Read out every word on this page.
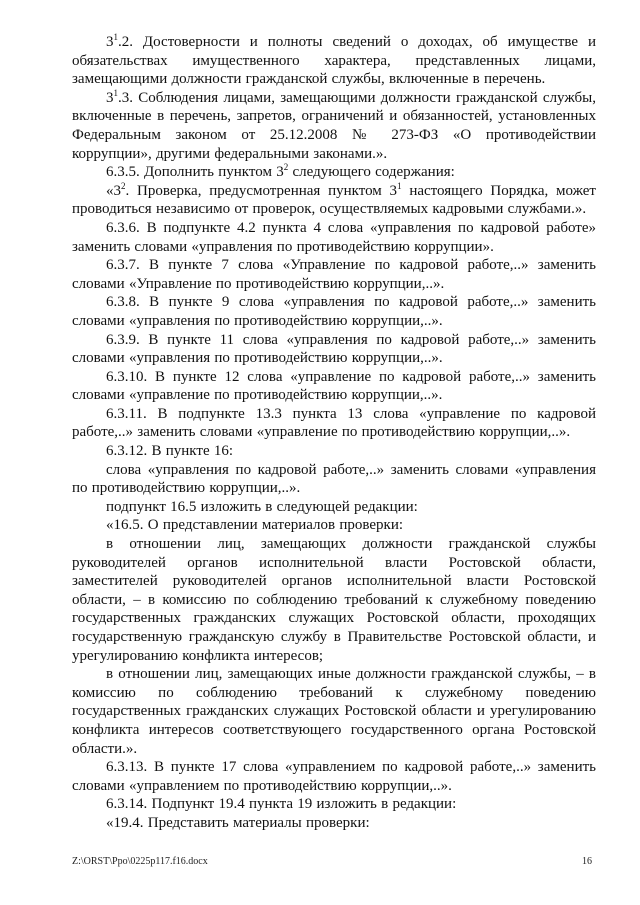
$3^1.2$. Достоверности и полноты сведений о доходах, об имуществе и обязательствах имущественного характера, представленных лицами, замещающими должности гражданской службы, включенные в перечень.

$3^1.3$. Соблюдения лицами, замещающими должности гражданской службы, включенные в перечень, запретов, ограничений и обязанностей, установленных Федеральным законом от 25.12.2008 № 273-ФЗ «О противодействии коррупции», другими федеральными законами.».

6.3.5. Дополнить пунктом $3^2$ следующего содержания:

«$3^2$. Проверка, предусмотренная пунктом $3^1$ настоящего Порядка, может проводиться независимо от проверок, осуществляемых кадровыми службами.».

6.3.6. В подпункте 4.2 пункта 4 слова «управления по кадровой работе» заменить словами «управления по противодействию коррупции».

6.3.7. В пункте 7 слова «Управление по кадровой работе,..» заменить словами «Управление по противодействию коррупции,..».

6.3.8. В пункте 9 слова «управления по кадровой работе,..» заменить словами «управления по противодействию коррупции,..».

6.3.9. В пункте 11 слова «управления по кадровой работе,..» заменить словами «управления по противодействию коррупции,..».

6.3.10. В пункте 12 слова «управление по кадровой работе,..» заменить словами «управление по противодействию коррупции,..».

6.3.11. В подпункте 13.3 пункта 13 слова «управление по кадровой работе,..» заменить словами «управление по противодействию коррупции,..».

6.3.12. В пункте 16:

слова «управления по кадровой работе,..» заменить словами «управления по противодействию коррупции,..».

подпункт 16.5 изложить в следующей редакции:

«16.5. О представлении материалов проверки:

в отношении лиц, замещающих должности гражданской службы руководителей органов исполнительной власти Ростовской области, заместителей руководителей органов исполнительной власти Ростовской области, – в комиссию по соблюдению требований к служебному поведению государственных гражданских служащих Ростовской области, проходящих государственную гражданскую службу в Правительстве Ростовской области, и урегулированию конфликта интересов;

в отношении лиц, замещающих иные должности гражданской службы, – в комиссию по соблюдению требований к служебному поведению государственных гражданских служащих Ростовской области и урегулированию конфликта интересов соответствующего государственного органа Ростовской области.».

6.3.13. В пункте 17 слова «управлением по кадровой работе,..» заменить словами «управлением по противодействию коррупции,..».

6.3.14. Подпункт 19.4 пункта 19 изложить в редакции:

«19.4. Представить материалы проверки:

Z:\ORST\Ppo\0225p117.f16.docx	16
